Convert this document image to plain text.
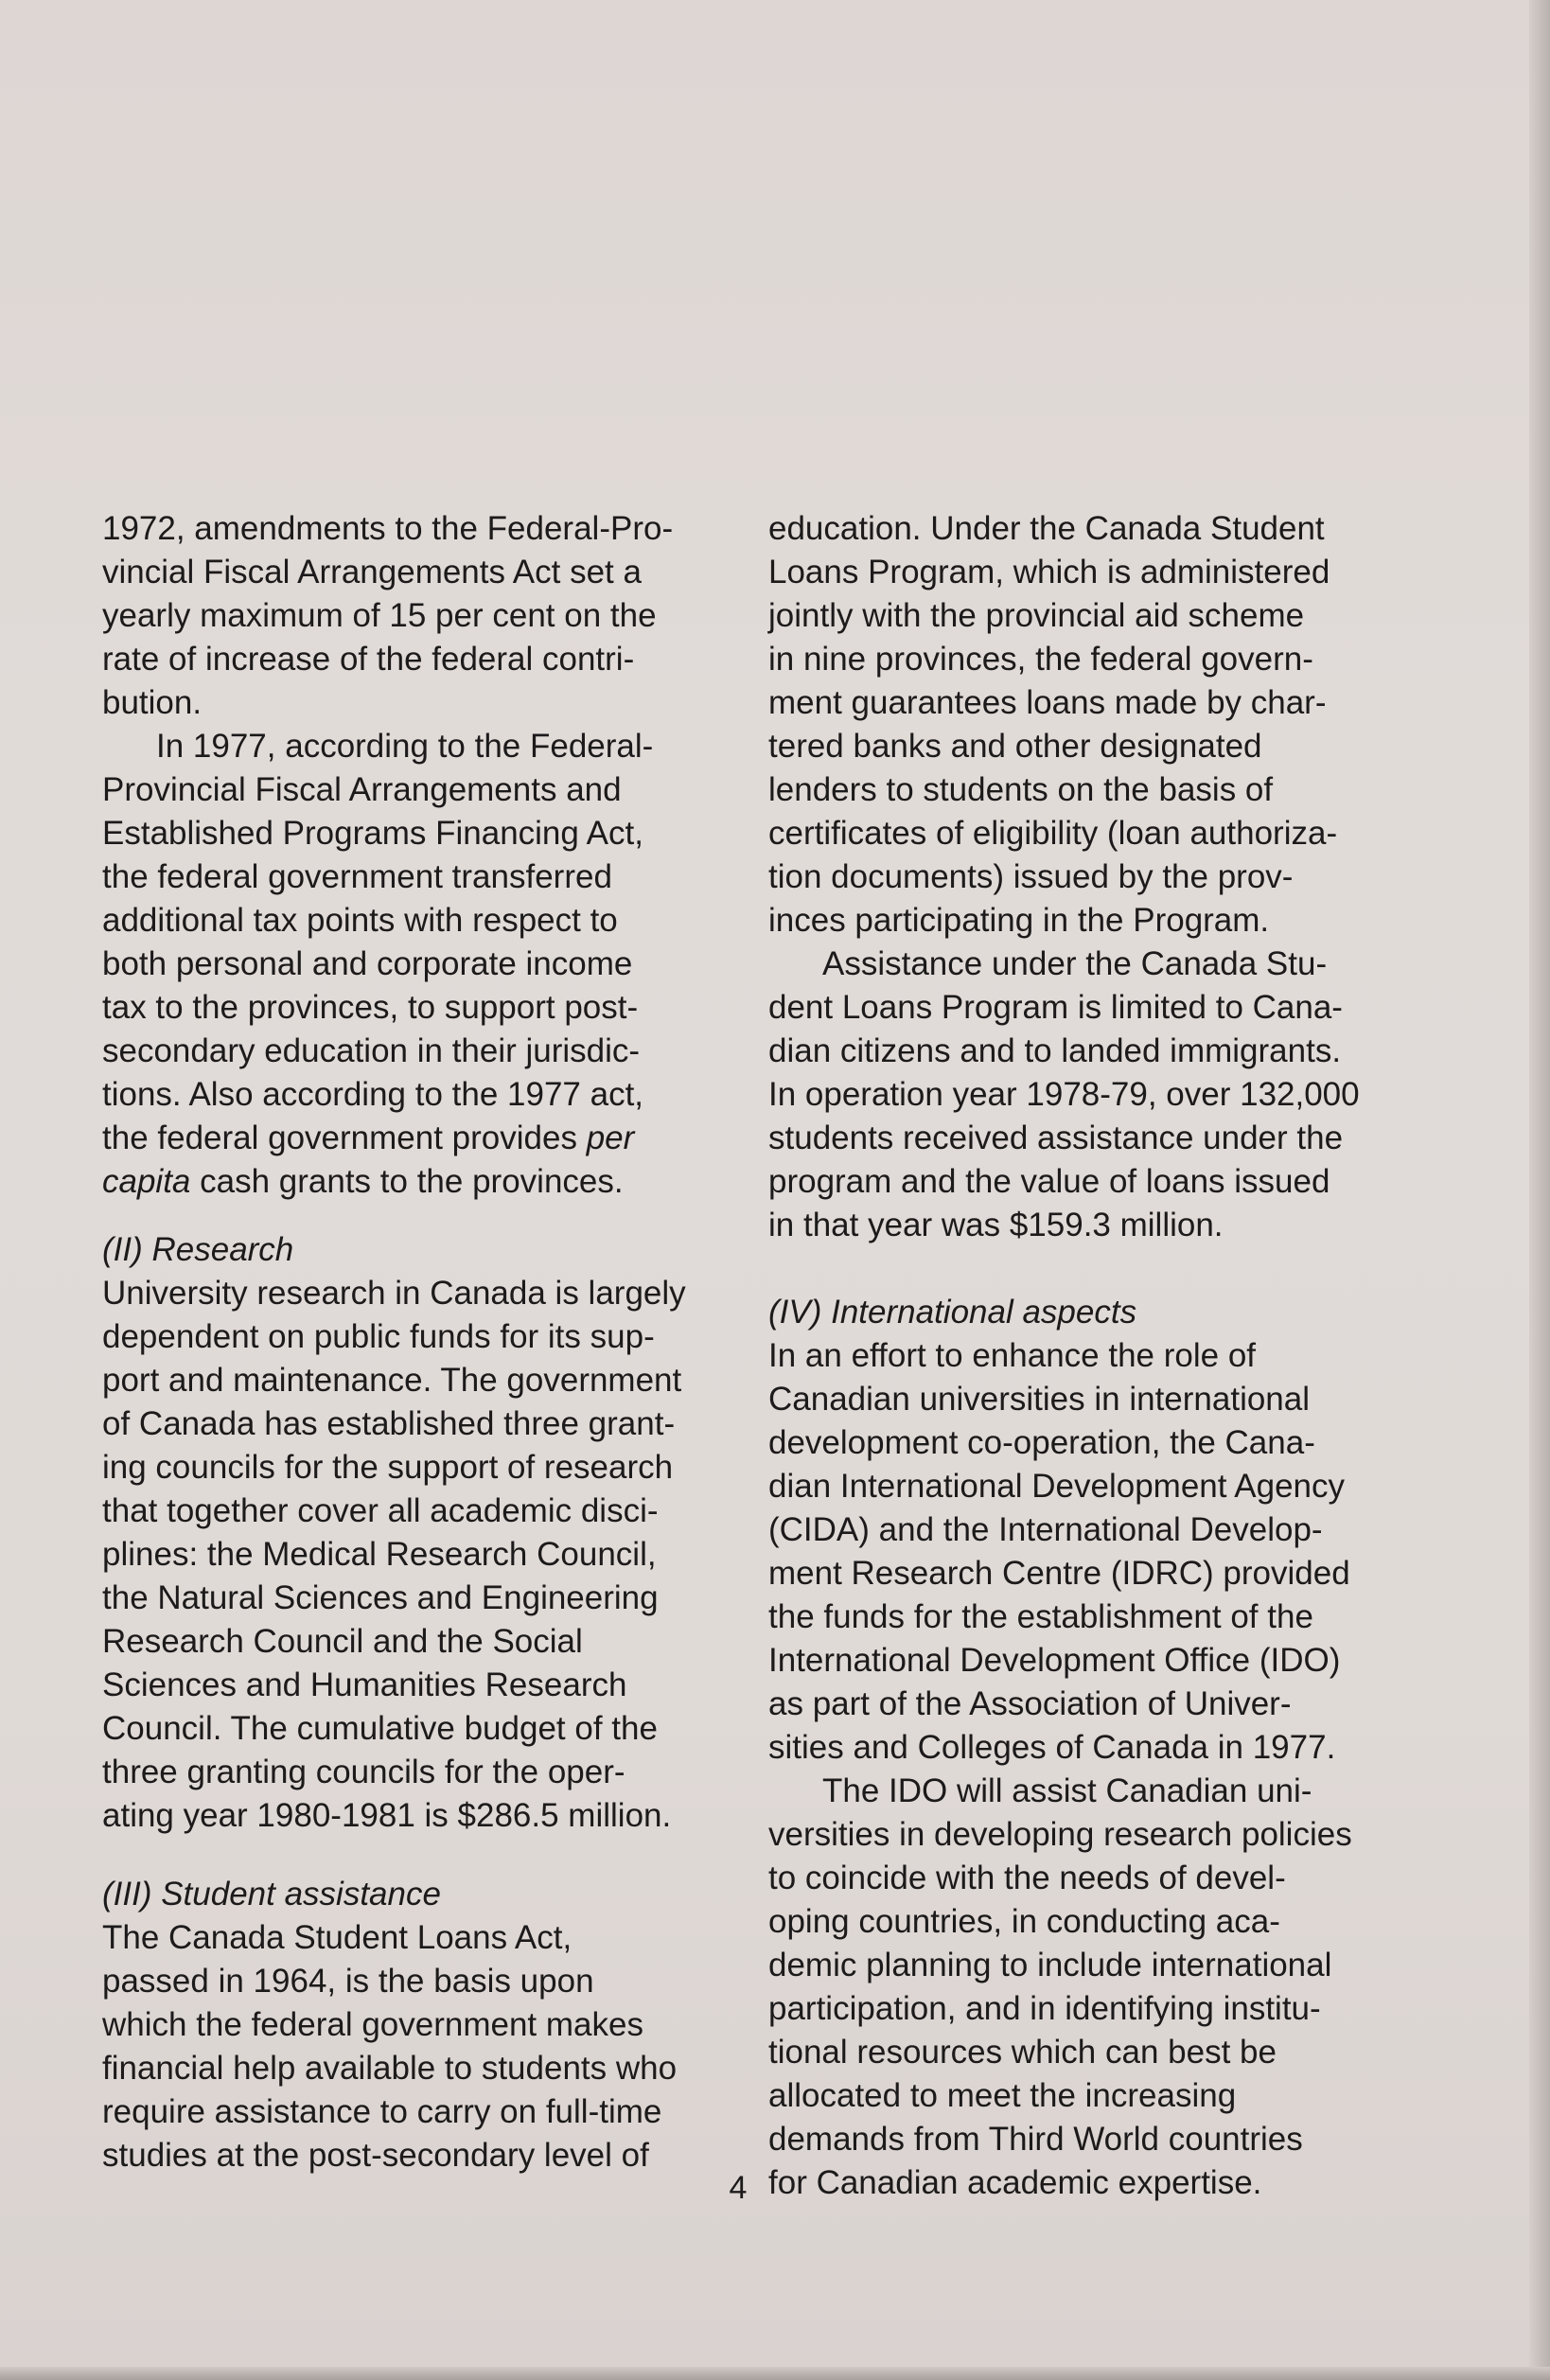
1972, amendments to the Federal-Pro-
vincial Fiscal Arrangements Act set a
yearly maximum of 15 per cent on the
rate of increase of the federal contri-
bution.

In 1977, according to the Federal-
Provincial Fiscal Arrangements and
Established Programs Financing Act,
the federal government transferred
additional tax points with respect to
both personal and corporate income
tax to the provinces, to support post-
secondary education in their jurisdic-
tions. Also according to the 1977 act,
the federal government provides per
capita cash grants to the provinces.

(II) Research

University research in Canada is largely
dependent on public funds for its sup-
port and maintenance. The government
of Canada has established three grant-
ing councils for the support of research
that together cover all academic disci-
plines: the Medical Research Council,
the Natural Sciences and Engineering
Research Council and the Social
Sciences and Humanities Research
Council. The cumulative budget of the
three granting councils for the oper-
ating year 1980-1981 is $286.5 million.

(III) Student assistance

The Canada Student Loans Act,
passed in 1964, is the basis upon
which the federal government makes
financial help available to students who
require assistance to carry on full-time
studies at the post-secondary level of

education. Under the Canada Student
Loans Program, which is administered
jointly with the provincial aid scheme
in nine provinces, the federal govern-
ment guarantees loans made by char-
tered banks and other designated
lenders to students on the basis of
certificates of eligibility (loan authoriza-
tion documents) issued by the prov-
inces participating in the Program.

Assistance under the Canada Stu-
dent Loans Program is limited to Cana-
dian citizens and to landed immigrants.
In operation year 1978-79, over 132,000
students received assistance under the
program and the value of loans issued
in that year was $159.3 million.

(IV) International aspects

In an effort to enhance the role of
Canadian universities in international
development co-operation, the Cana-
dian International Development Agency
(CIDA) and the International Develop-
ment Research Centre (IDRC) provided
the funds for the establishment of the
International Development Office (IDO)
as part of the Association of Univer-
sities and Colleges of Canada in 1977.

The IDO will assist Canadian uni-
versities in developing research policies
to coincide with the needs of devel-
oping countries, in conducting aca-
demic planning to include international
participation, and in identifying institu-
tional resources which can best be
allocated to meet the increasing
demands from Third World countries
for Canadian academic expertise.

4
